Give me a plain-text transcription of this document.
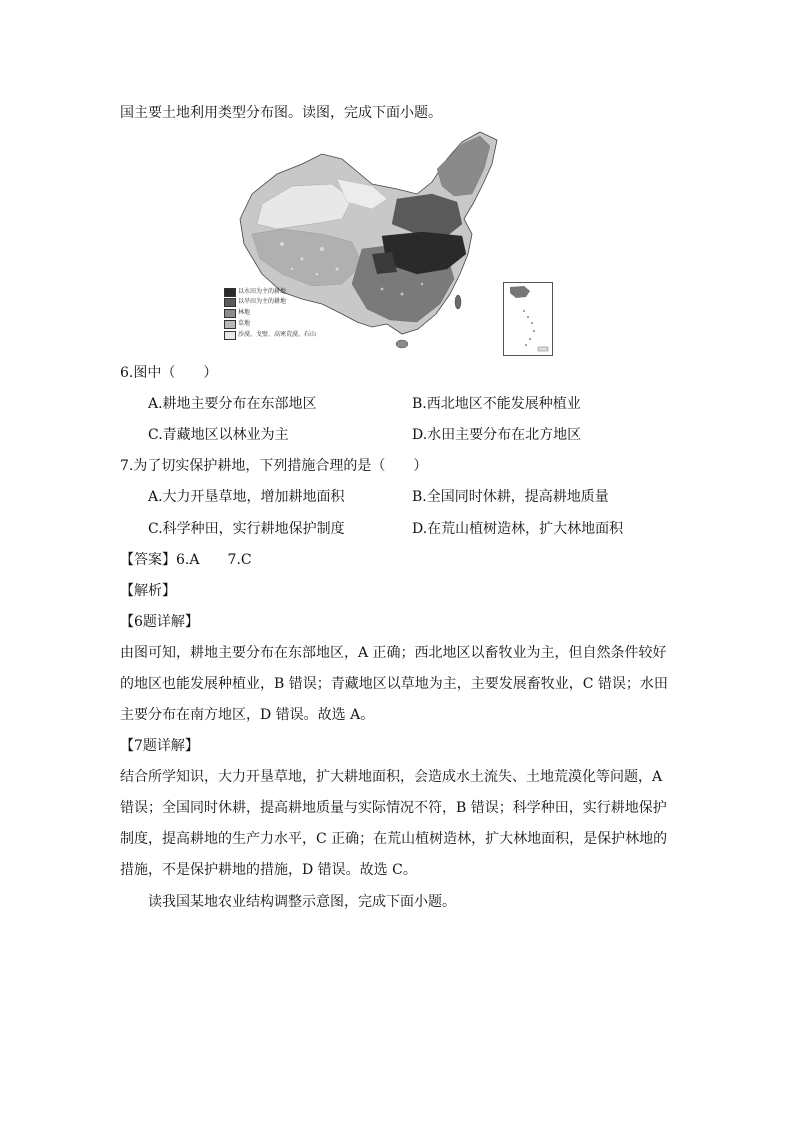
国主要土地利用类型分布图。读图，完成下面小题。
以水田为主的耕地
以旱田为主的耕地
林地
草地
沙漠、戈壁、高寒荒漠、石山
6.图中（　　）
A.耕地主要分布在东部地区	B.西北地区不能发展种植业
C.青藏地区以林业为主	D.水田主要分布在北方地区
7.为了切实保护耕地，下列措施合理的是（　　）
A.大力开垦草地，增加耕地面积	B.全国同时休耕，提高耕地质量
C.科学种田，实行耕地保护制度	D.在荒山植树造林，扩大林地面积
【答案】6.A　　7.C
【解析】
【6题详解】
由图可知，耕地主要分布在东部地区，A 正确；西北地区以畜牧业为主，但自然条件较好
的地区也能发展种植业，B 错误；青藏地区以草地为主，主要发展畜牧业，C 错误；水田
主要分布在南方地区，D 错误。故选 A。
【7题详解】
结合所学知识，大力开垦草地，扩大耕地面积，会造成水土流失、土地荒漠化等问题，A
错误；全国同时休耕，提高耕地质量与实际情况不符，B 错误；科学种田，实行耕地保护
制度，提高耕地的生产力水平，C 正确；在荒山植树造林，扩大林地面积，是保护林地的
措施，不是保护耕地的措施，D 错误。故选 C。
读我国某地农业结构调整示意图，完成下面小题。
